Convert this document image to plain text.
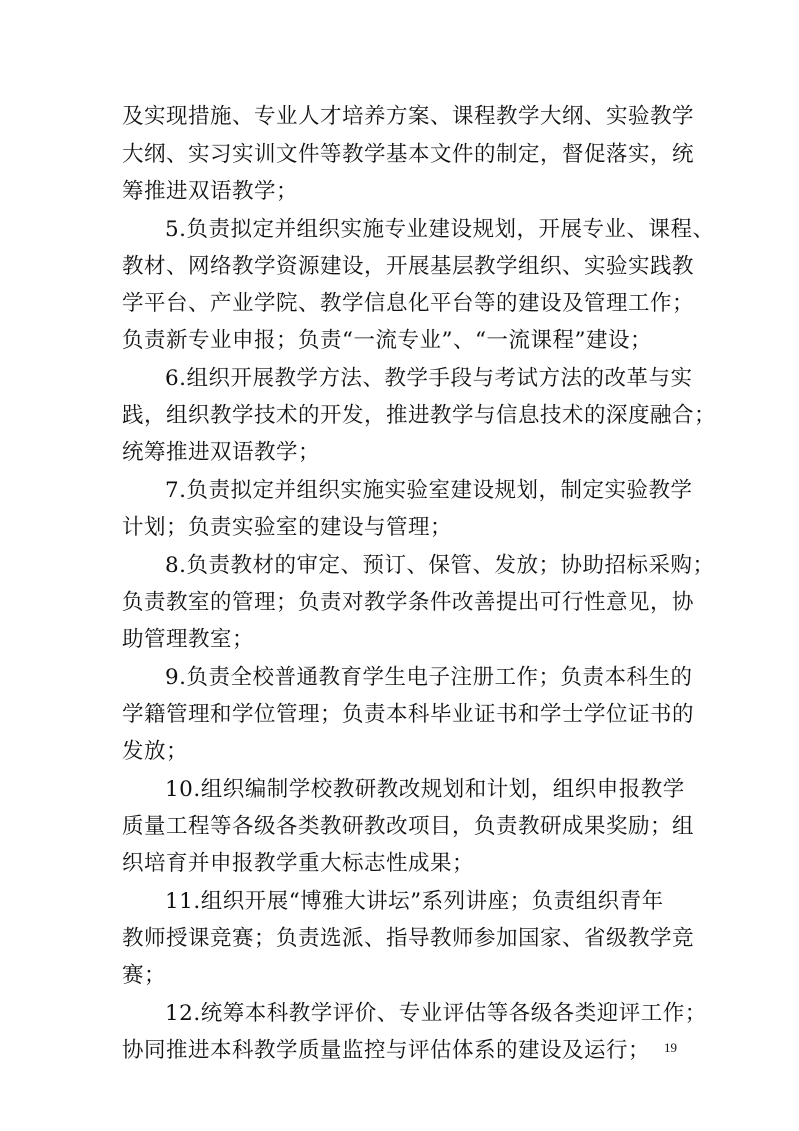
及实现措施、专业人才培养方案、课程教学大纲、实验教学
大纲、实习实训文件等教学基本文件的制定，督促落实，统
筹推进双语教学；
5.负责拟定并组织实施专业建设规划，开展专业、课程、
教材、网络教学资源建设，开展基层教学组织、实验实践教
学平台、产业学院、教学信息化平台等的建设及管理工作；
负责新专业申报；负责“一流专业”、“一流课程”建设；
6.组织开展教学方法、教学手段与考试方法的改革与实
践，组织教学技术的开发，推进教学与信息技术的深度融合；
统筹推进双语教学；
7.负责拟定并组织实施实验室建设规划，制定实验教学
计划；负责实验室的建设与管理；
8.负责教材的审定、预订、保管、发放；协助招标采购；
负责教室的管理；负责对教学条件改善提出可行性意见，协
助管理教室；
9.负责全校普通教育学生电子注册工作；负责本科生的
学籍管理和学位管理；负责本科毕业证书和学士学位证书的
发放；
10.组织编制学校教研教改规划和计划，组织申报教学
质量工程等各级各类教研教改项目，负责教研成果奖励；组
织培育并申报教学重大标志性成果；
11.组织开展“博雅大讲坛”系列讲座；负责组织青年
教师授课竞赛；负责选派、指导教师参加国家、省级教学竞
赛；
12.统筹本科教学评价、专业评估等各级各类迎评工作；
协同推进本科教学质量监控与评估体系的建设及运行；	19
